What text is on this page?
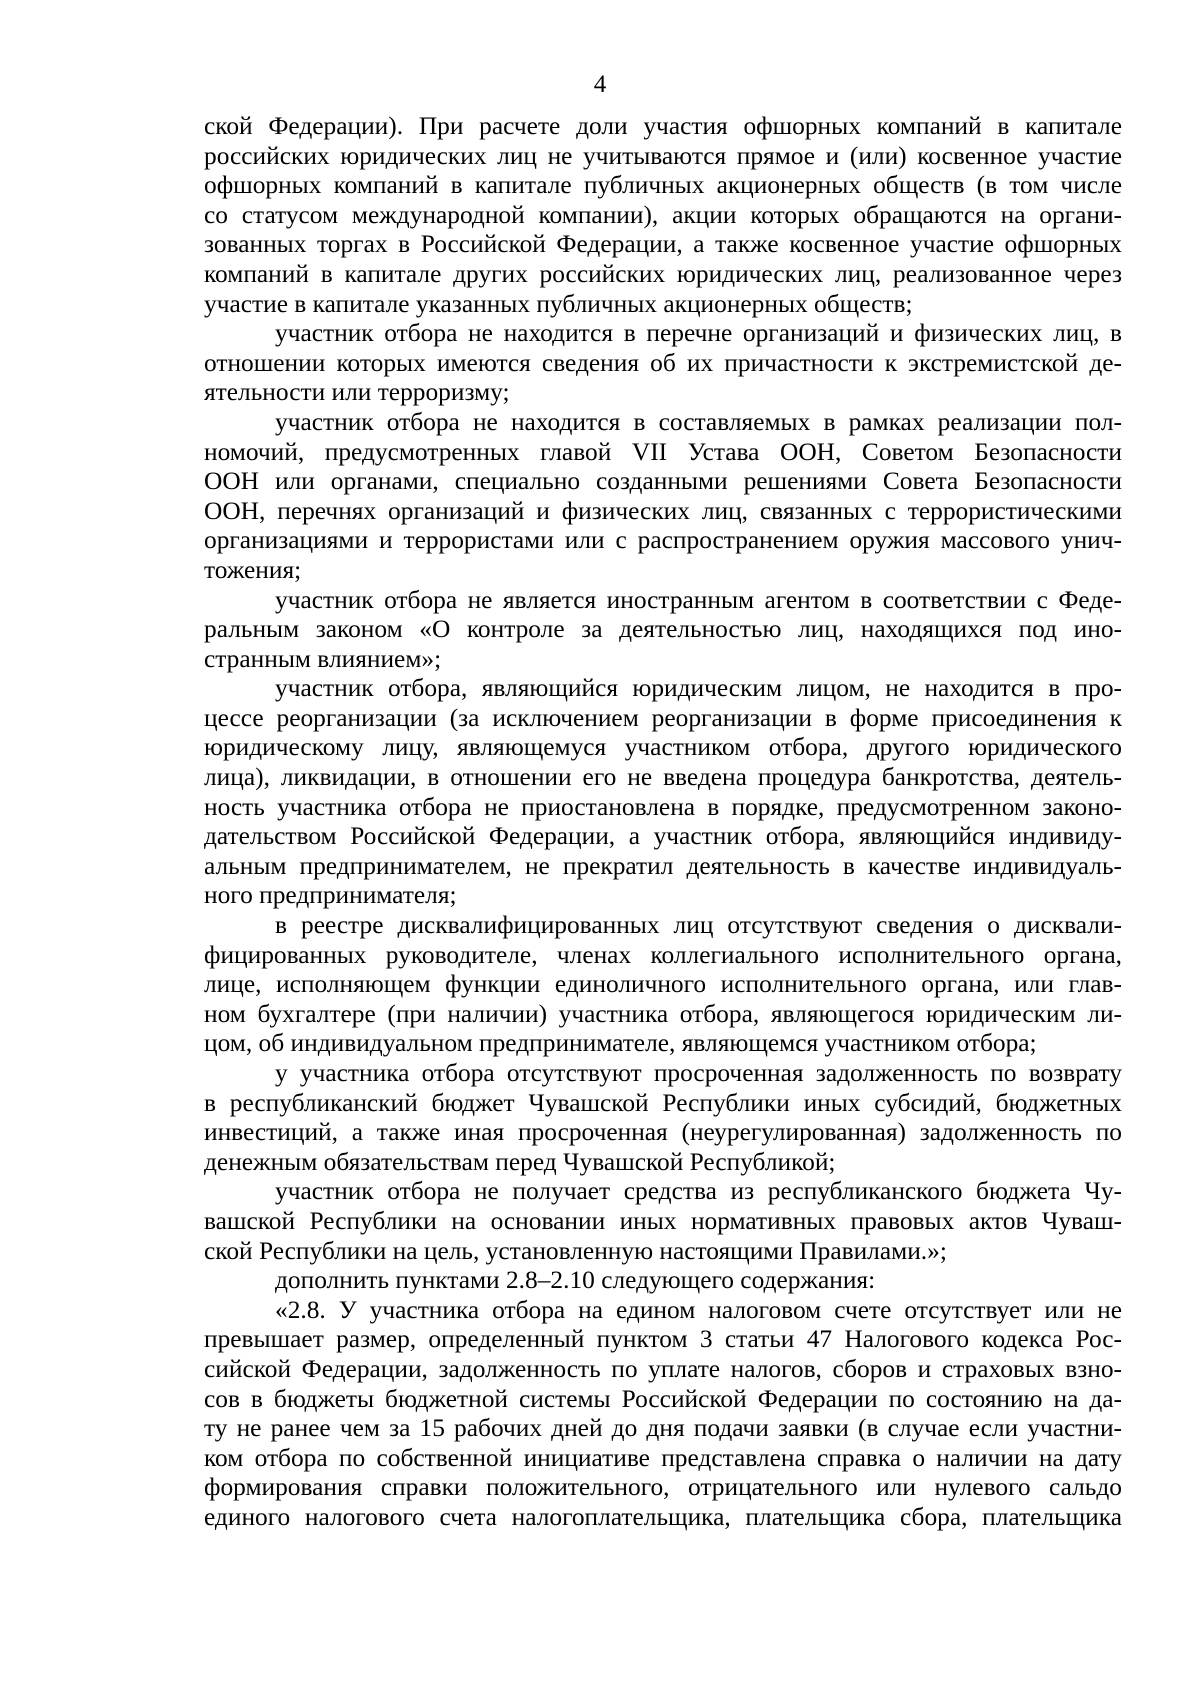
4

ской Федерации). При расчете доли участия офшорных компаний в капитале

российских юридических лиц не учитываются прямое и (или) косвенное участие

офшорных компаний в капитале публичных акционерных обществ (в том числе

со статусом международной компании), акции которых обращаются на органи-

зованных торгах в Российской Федерации, а также косвенное участие офшорных

компаний в капитале других российских юридических лиц, реализованное через

участие в капитале указанных публичных акционерных обществ;

участник отбора не находится в перечне организаций и физических лиц, в

отношении которых имеются сведения об их причастности к экстремистской де-

ятельности или терроризму;

участник отбора не находится в составляемых в рамках реализации пол-

номочий, предусмотренных главой VII Устава ООН, Советом Безопасности

ООН или органами, специально созданными решениями Совета Безопасности

ООН, перечнях организаций и физических лиц, связанных с террористическими

организациями и террористами или с распространением оружия массового унич-

тожения;

участник отбора не является иностранным агентом в соответствии с Феде-

ральным законом «О контроле за деятельностью лиц, находящихся под ино-

странным влиянием»;

участник отбора, являющийся юридическим лицом, не находится в про-

цессе реорганизации (за исключением реорганизации в форме присоединения к

юридическому лицу, являющемуся участником отбора, другого юридического

лица), ликвидации, в отношении его не введена процедура банкротства, деятель-

ность участника отбора не приостановлена в порядке, предусмотренном законо-

дательством Российской Федерации, а участник отбора, являющийся индивиду-

альным предпринимателем, не прекратил деятельность в качестве индивидуаль-

ного предпринимателя;

в реестре дисквалифицированных лиц отсутствуют сведения о дисквали-

фицированных руководителе, членах коллегиального исполнительного органа,

лице, исполняющем функции единоличного исполнительного органа, или глав-

ном бухгалтере (при наличии) участника отбора, являющегося юридическим ли-

цом, об индивидуальном предпринимателе, являющемся участником отбора;

у участника отбора отсутствуют просроченная задолженность по возврату

в республиканский бюджет Чувашской Республики иных субсидий, бюджетных

инвестиций, а также иная просроченная (неурегулированная) задолженность по

денежным обязательствам перед Чувашской Республикой;

участник отбора не получает средства из республиканского бюджета Чу-

вашской Республики на основании иных нормативных правовых актов Чуваш-

ской Республики на цель, установленную настоящими Правилами.»;

дополнить пунктами 2.8–2.10 следующего содержания:

«2.8. У участника отбора на едином налоговом счете отсутствует или не

превышает размер, определенный пунктом 3 статьи 47 Налогового кодекса Рос-

сийской Федерации, задолженность по уплате налогов, сборов и страховых взно-

сов в бюджеты бюджетной системы Российской Федерации по состоянию на да-

ту не ранее чем за 15 рабочих дней до дня подачи заявки (в случае если участни-

ком отбора по собственной инициативе представлена справка о наличии на дату

формирования справки положительного, отрицательного или нулевого сальдо

единого налогового счета налогоплательщика, плательщика сбора, плательщика
